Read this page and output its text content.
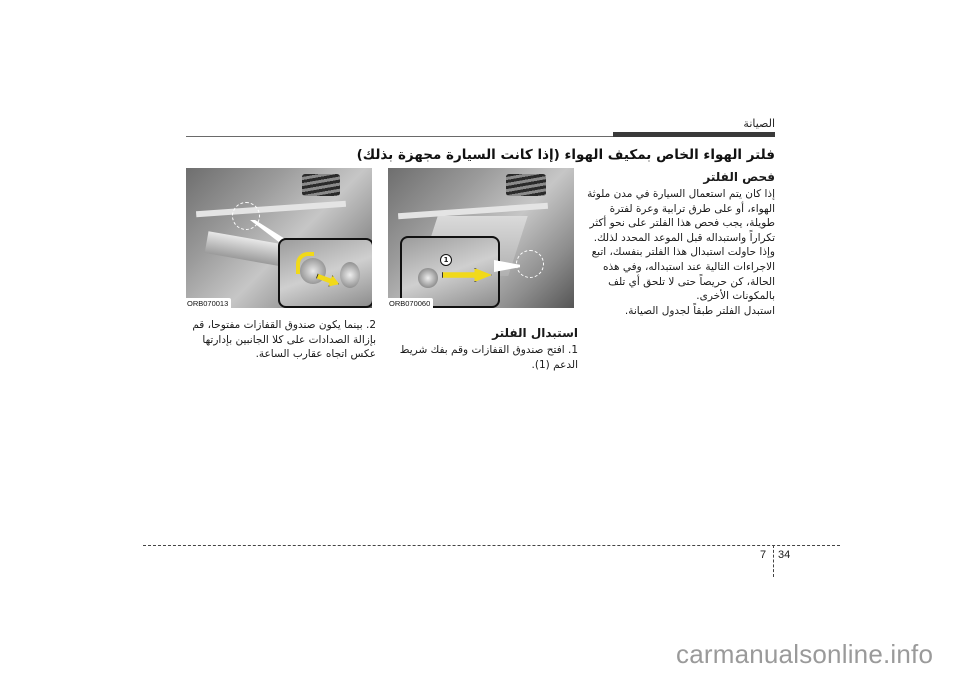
الصيانة
فلتر الهواء الخاص بمكيف الهواء (إذا كانت السيارة مجهزة بذلك)

فحص الفلتر

إذا كان يتم استعمال السيارة في مدن ملوثة الهواء، أو على طرق ترابية وعرة لفترة طويلة، يجب فحص هذا الفلتر على نحو أكثر تكراراً واستبداله قبل الموعد المحدد لذلك. وإذا حاولت استبدال هذا الفلتر بنفسك، اتبع الاجراءات التالية عند استبداله، وفي هذه الحالة، كن حريصاً حتى لا تلحق أي تلف بالمكونات الأخرى.

استبدل الفلتر طبقاً لجدول الصيانة.

1
ORB070060
ORB070013

استبدال الفلتر

1. افتح صندوق القفازات وقم بفك شريط الدعم (1).

2. بينما يكون صندوق القفازات مفتوحا، قم بإزالة الصدادات على كلا الجانبين بإدارتها عكس اتجاه عقارب الساعة.

7 34
carmanualsonline.info
